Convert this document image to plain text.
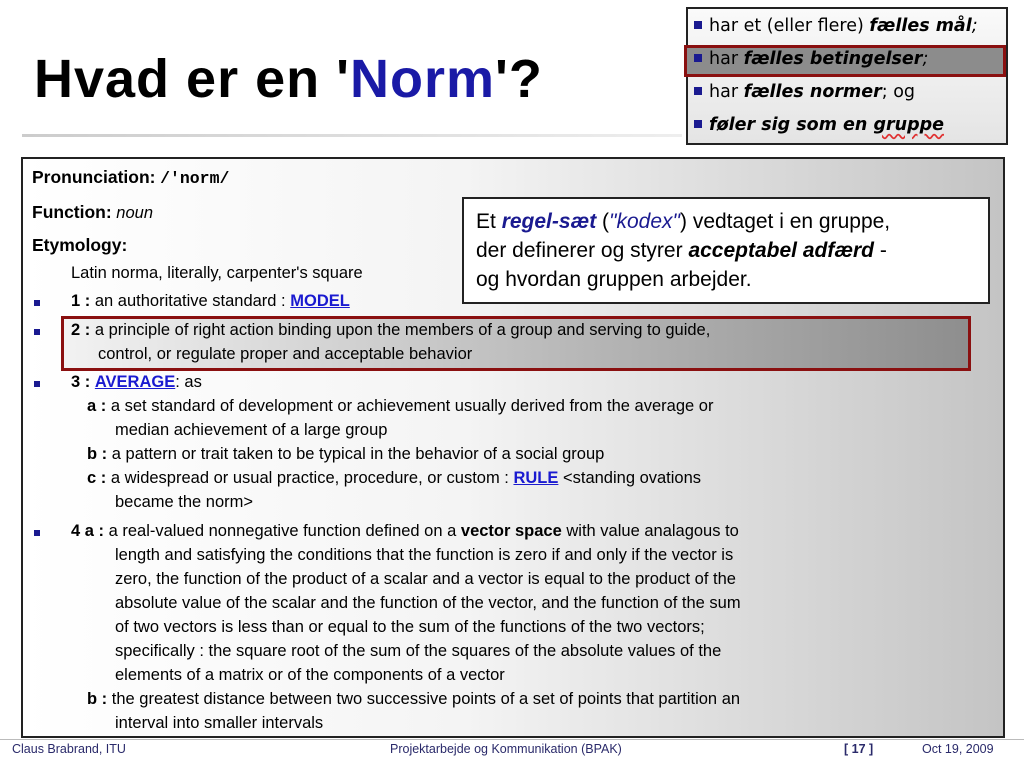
Hvad er en 'Norm'?
har et (eller flere) fælles mål;
har fælles betingelser;
har fælles normer; og
føler sig som en gruppe
Pronunciation: /'norm/
Function: noun
Etymology:
Latin norma, literally, carpenter's square
1 : an authoritative standard : MODEL
2 : a principle of right action binding upon the members of a group and serving to guide,
control, or regulate proper and acceptable behavior
3 : AVERAGE: as
a : a set standard of development or achievement usually derived from the average or
median achievement of a large group
b : a pattern or trait taken to be typical in the behavior of a social group
c : a widespread or usual practice, procedure, or custom : RULE <standing ovations
became the norm>
4 a : a real-valued nonnegative function defined on a vector space with value analagous to
length and satisfying the conditions that the function is zero if and only if the vector is
zero, the function of the product of a scalar and a vector is equal to the product of the
absolute value of the scalar and the function of the vector, and the function of the sum
of two vectors is less than or equal to the sum of the functions of the two vectors;
specifically : the square root of the sum of the squares of the absolute values of the
elements of a matrix or of the components of a vector
b : the greatest distance between two successive points of a set of points that partition an
interval into smaller intervals
Et regel-sæt ("kodex") vedtaget i en gruppe,
der definerer og styrer acceptabel adfærd -
og hvordan gruppen arbejder.
Claus Brabrand, ITU	Projektarbejde og Kommunikation (BPAK)	[ 17 ]	Oct 19, 2009
